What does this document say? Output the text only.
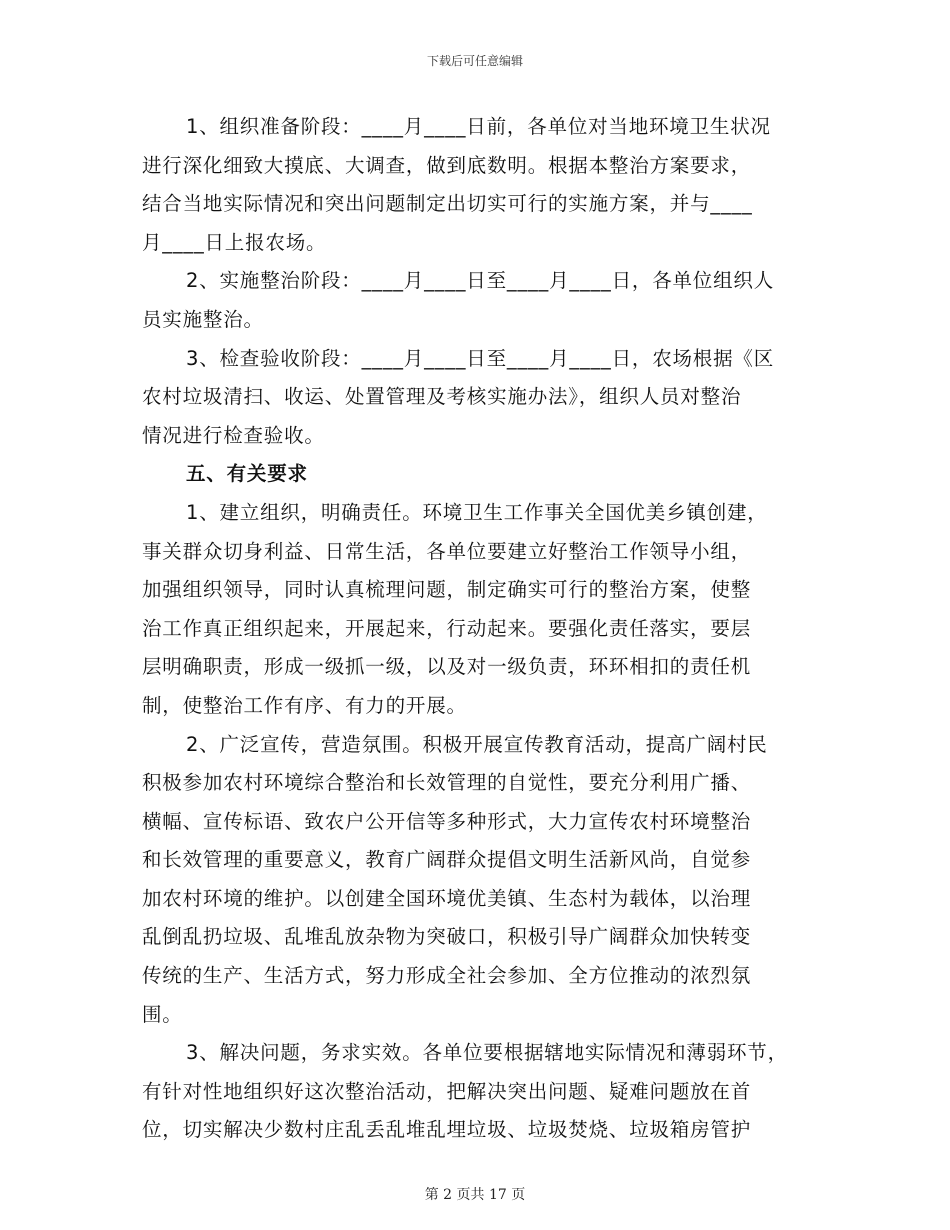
下载后可任意编辑
1、组织准备阶段：____月____日前，各单位对当地环境卫生状况
进行深化细致大摸底、大调查，做到底数明。根据本整治方案要求，
结合当地实际情况和突出问题制定出切实可行的实施方案，并与____
月____日上报农场。
2、实施整治阶段：____月____日至____月____日，各单位组织人
员实施整治。
3、检查验收阶段：____月____日至____月____日，农场根据《区
农村垃圾清扫、收运、处置管理及考核实施办法》，组织人员对整治
情况进行检查验收。
五、有关要求
1、建立组织，明确责任。环境卫生工作事关全国优美乡镇创建，
事关群众切身利益、日常生活，各单位要建立好整治工作领导小组，
加强组织领导，同时认真梳理问题，制定确实可行的整治方案，使整
治工作真正组织起来，开展起来，行动起来。要强化责任落实，要层
层明确职责，形成一级抓一级，以及对一级负责，环环相扣的责任机
制，使整治工作有序、有力的开展。
2、广泛宣传，营造氛围。积极开展宣传教育活动，提高广阔村民
积极参加农村环境综合整治和长效管理的自觉性，要充分利用广播、
横幅、宣传标语、致农户公开信等多种形式，大力宣传农村环境整治
和长效管理的重要意义，教育广阔群众提倡文明生活新风尚，自觉参
加农村环境的维护。以创建全国环境优美镇、生态村为载体，以治理
乱倒乱扔垃圾、乱堆乱放杂物为突破口，积极引导广阔群众加快转变
传统的生产、生活方式，努力形成全社会参加、全方位推动的浓烈氛
围。
3、解决问题，务求实效。各单位要根据辖地实际情况和薄弱环节，
有针对性地组织好这次整治活动，把解决突出问题、疑难问题放在首
位，切实解决少数村庄乱丢乱堆乱埋垃圾、垃圾焚烧、垃圾箱房管护
第 2 页共 17 页
